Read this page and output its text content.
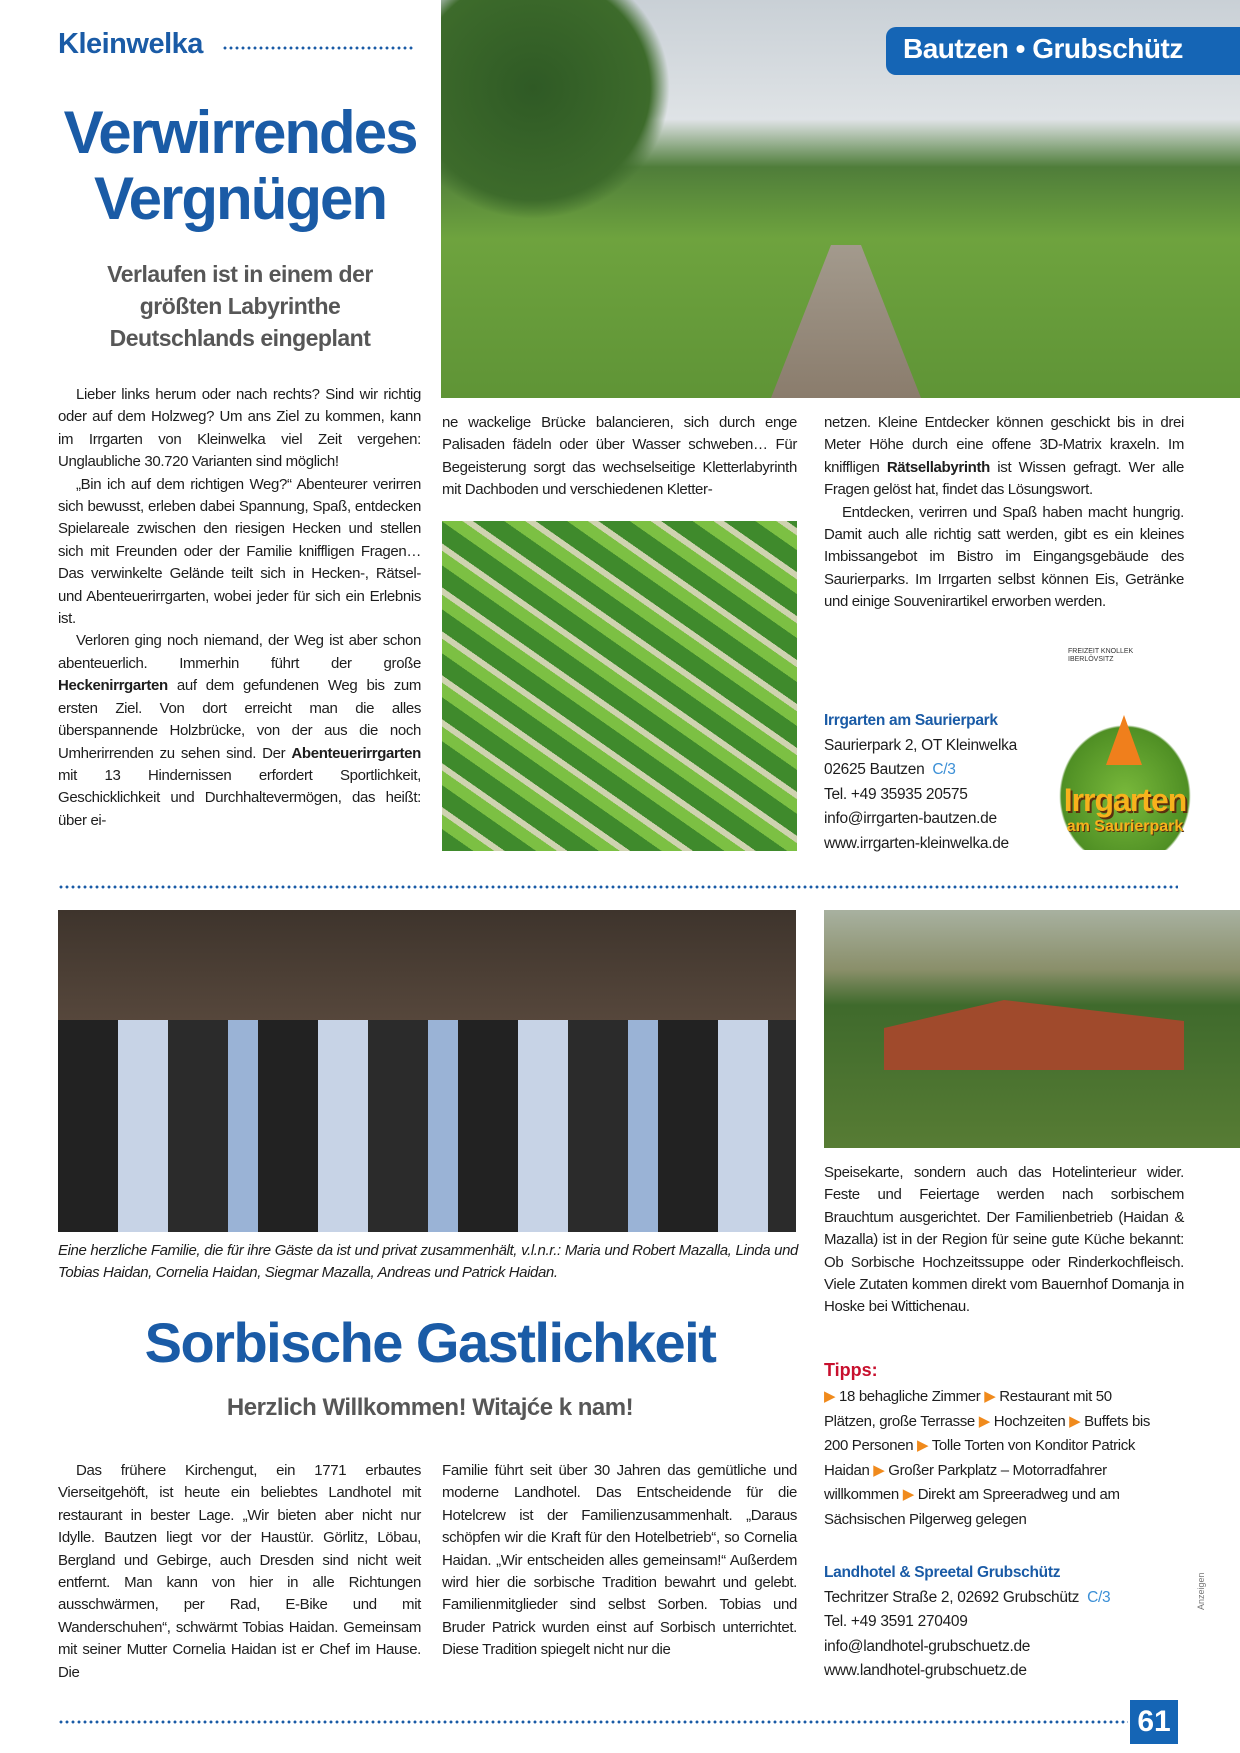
Kleinwelka	Bautzen • Grubschütz
Verwirrendes
Vergnügen
Verlaufen ist in einem der größten Labyrinthe Deutschlands eingeplant

Lieber links herum oder nach rechts? Sind wir richtig oder auf dem Holzweg? Um ans Ziel zu kommen, kann im Irrgarten von Kleinwelka viel Zeit vergehen: Unglaubliche 30.720 Varianten sind möglich!

„Bin ich auf dem richtigen Weg?“ Abenteurer verirren sich bewusst, erleben dabei Spannung, Spaß, entdecken Spielareale zwischen den riesigen Hecken und stellen sich mit Freunden oder der Familie kniffligen Fragen… Das verwinkelte Gelände teilt sich in Hecken-, Rätsel- und Abenteuerirrgarten, wobei jeder für sich ein Erlebnis ist.

Verloren ging noch niemand, der Weg ist aber schon abenteuerlich. Immerhin führt der große Heckenirrgarten auf dem gefundenen Weg bis zum ersten Ziel. Von dort erreicht man die alles überspannende Holzbrücke, von der aus die noch Umherirrenden zu sehen sind. Der Abenteuerirrgarten mit 13 Hindernissen erfordert Sportlichkeit, Geschicklichkeit und Durchhaltevermögen, das heißt: über ei-

ne wackelige Brücke balancieren, sich durch enge Palisaden fädeln oder über Wasser schweben… Für Begeisterung sorgt das wechselseitige Kletterlabyrinth mit Dachboden und verschiedenen Kletter-

netzen. Kleine Entdecker können geschickt bis in drei Meter Höhe durch eine offene 3D-Matrix kraxeln. Im kniffligen Rätsellabyrinth ist Wissen gefragt. Wer alle Fragen gelöst hat, findet das Lösungswort.

Entdecken, verirren und Spaß haben macht hungrig. Damit auch alle richtig satt werden, gibt es ein kleines Imbissangebot im Bistro im Eingangsgebäude des Saurierparks. Im Irrgarten selbst können Eis, Getränke und einige Souvenirartikel erworben werden.

FREIZEIT KNOLLEK IBERLÖVSITZ
Irrgarten am Saurierpark
Saurierpark 2, OT Kleinwelka
02625 Bautzen C/3
Tel. +49 35935 20575
info@irrgarten-bautzen.de
www.irrgarten-kleinwelka.de
Irrgarten
am Saurierpark
Eine herzliche Familie, die für ihre Gäste da ist und privat zusammenhält, v.l.n.r.: Maria und Robert Mazalla, Linda und Tobias Haidan, Cornelia Haidan, Siegmar Mazalla, Andreas und Patrick Haidan.
Sorbische Gastlichkeit
Herzlich Willkommen! Witajće k nam!

Das frühere Kirchengut, ein 1771 erbautes Vierseitgehöft, ist heute ein beliebtes Landhotel mit restaurant in bester Lage. „Wir bieten aber nicht nur Idylle. Bautzen liegt vor der Haustür. Görlitz, Löbau, Bergland und Gebirge, auch Dresden sind nicht weit entfernt. Man kann von hier in alle Richtungen ausschwärmen, per Rad, E-Bike und mit Wanderschuhen“, schwärmt Tobias Haidan. Gemeinsam mit seiner Mutter Cornelia Haidan ist er Chef im Hause. Die

Familie führt seit über 30 Jahren das gemütliche und moderne Landhotel. Das Entscheidende für die Hotelcrew ist der Familienzusammenhalt. „Daraus schöpfen wir die Kraft für den Hotelbetrieb“, so Cornelia Haidan. „Wir entscheiden alles gemeinsam!“ Außerdem wird hier die sorbische Tradition bewahrt und gelebt. Familienmitglieder sind selbst Sorben. Tobias und Bruder Patrick wurden einst auf Sorbisch unterrichtet. Diese Tradition spiegelt nicht nur die

Speisekarte, sondern auch das Hotelinterieur wider. Feste und Feiertage werden nach sorbischem Brauchtum ausgerichtet. Der Familienbetrieb (Haidan & Mazalla) ist in der Region für seine gute Küche bekannt: Ob Sorbische Hochzeitssuppe oder Rinderkochfleisch. Viele Zutaten kommen direkt vom Bauernhof Domanja in Hoske bei Wittichenau.

Tipps:
▶ 18 behagliche Zimmer ▶ Restaurant mit 50 Plätzen, große Terrasse ▶ Hochzeiten ▶ Buffets bis 200 Personen ▶ Tolle Torten von Konditor Patrick Haidan ▶ Großer Parkplatz – Motorradfahrer willkommen ▶ Direkt am Spreeradweg und am Sächsischen Pilgerweg gelegen
Landhotel & Spreetal Grubschütz
Techritzer Straße 2, 02692 Grubschütz C/3
Tel. +49 3591 270409
info@landhotel-grubschuetz.de
www.landhotel-grubschuetz.de
Anzeigen
61
